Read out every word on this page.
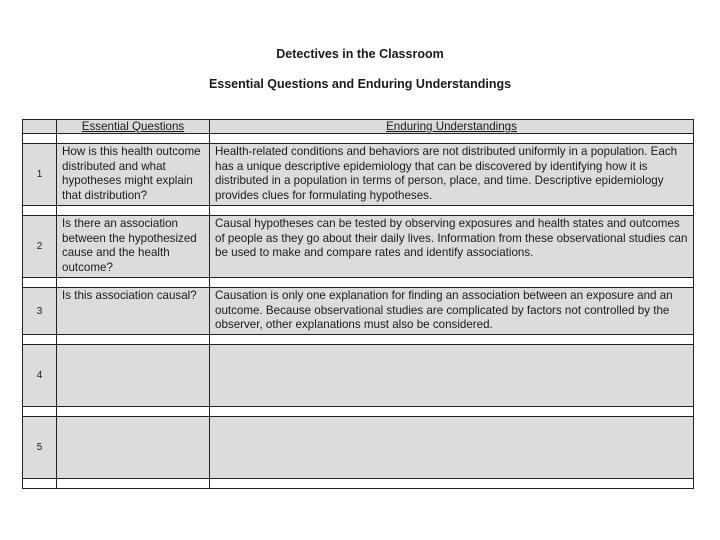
Detectives in the Classroom
Essential Questions and Enduring Understandings
	Essential Questions	Enduring Understandings

1	How is this health outcome distributed and what hypotheses might explain that distribution?	Health-related conditions and behaviors are not distributed uniformly in a population. Each has a unique descriptive epidemiology that can be discovered by identifying how it is distributed in a population in terms of person, place, and time. Descriptive epidemiology provides clues for formulating hypotheses.

2	Is there an association between the hypothesized cause and the health outcome?	Causal hypotheses can be tested by observing exposures and health states and outcomes of people as they go about their daily lives. Information from these observational studies can be used to make and compare rates and identify associations.

3	Is this association causal?	Causation is only one explanation for finding an association between an exposure and an outcome. Because observational studies are complicated by factors not controlled by the observer, other explanations must also be considered.

4		

5		
